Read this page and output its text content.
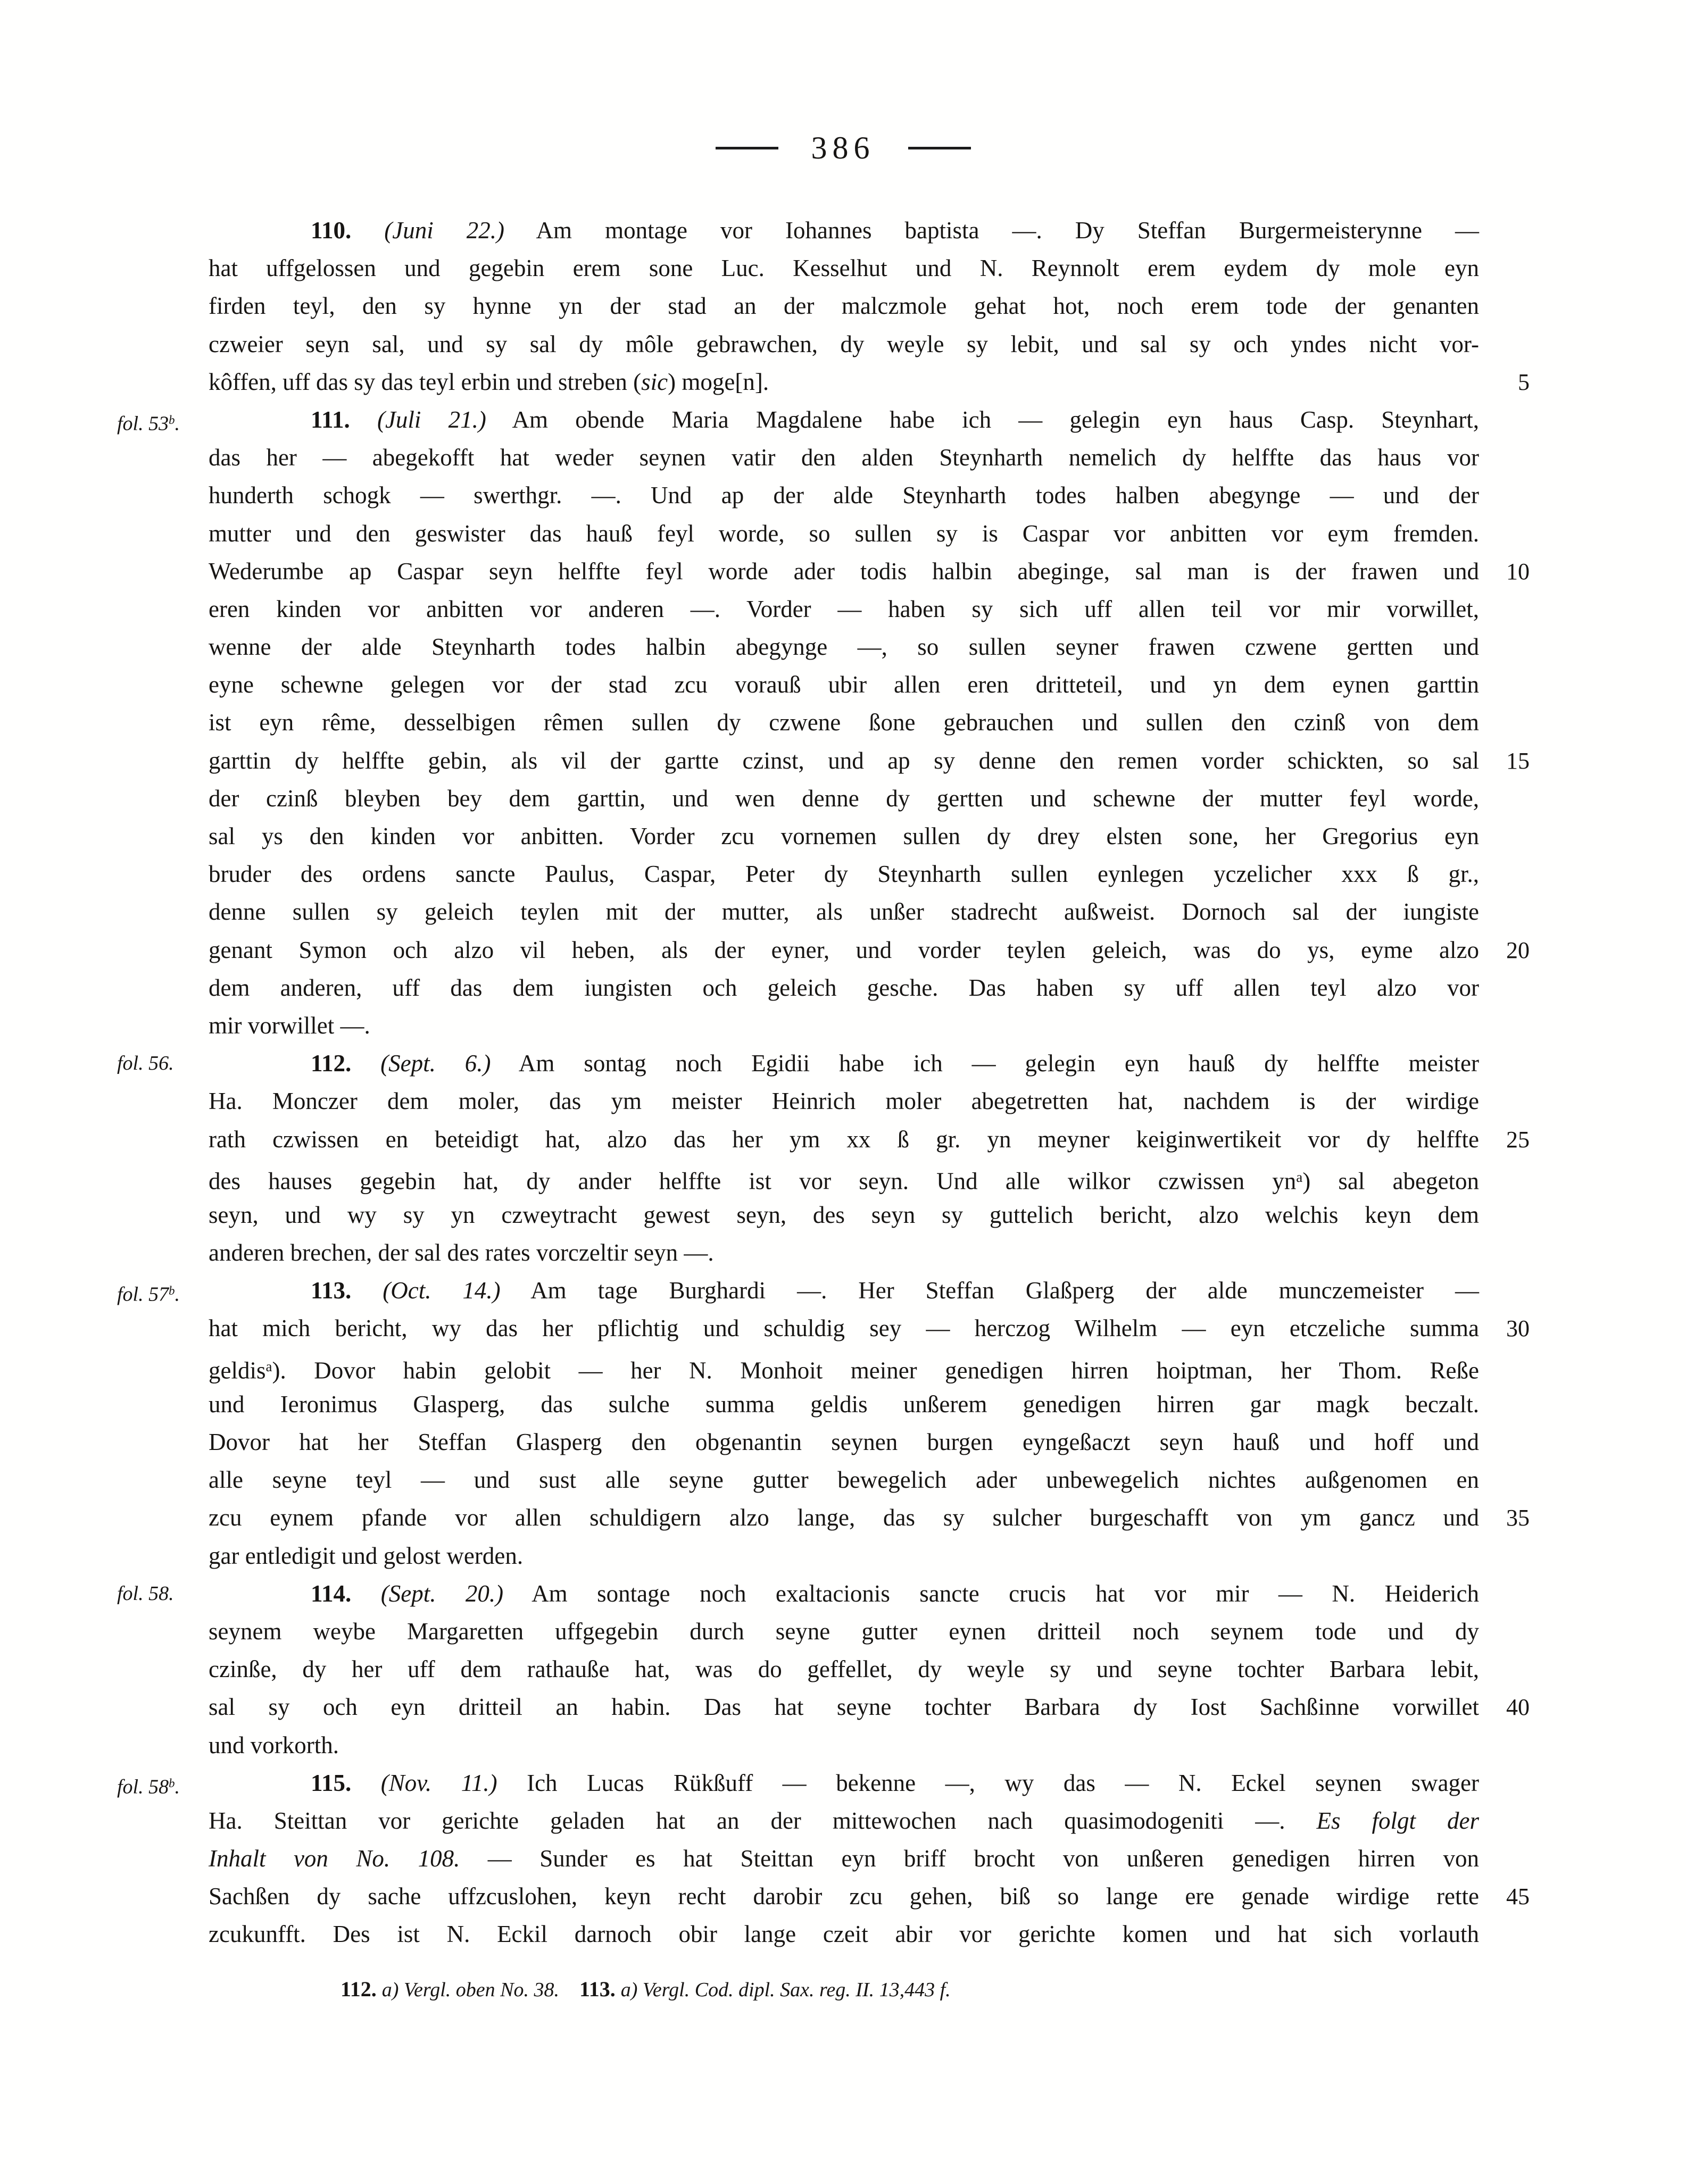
386
110. (Juni 22.) Am montage vor Iohannes baptista —. Dy Steffan Burgermeisterynne —
hat uffgelossen und gegebin erem sone Luc. Kesselhut und N. Reynnolt erem eydem dy mole eyn
firden teyl, den sy hynne yn der stad an der malczmole gehat hot, noch erem tode der genanten
czweier seyn sal, und sy sal dy môle gebrawchen, dy weyle sy lebit, und sal sy och yndes nicht vor-
kôffen, uff das sy das teyl erbin und streben (sic) moge[n].	5
fol. 53$^b$.	111. (Juli 21.) Am obende Maria Magdalene habe ich — gelegin eyn haus Casp. Steynhart,
das her — abegekofft hat weder seynen vatir den alden Steynharth nemelich dy helffte das haus vor
hunderth schogk — swerthgr. —. Und ap der alde Steynharth todes halben abegynge — und der
mutter und den geswister das hauß feyl worde, so sullen sy is Caspar vor anbitten vor eym fremden.
Wederumbe ap Caspar seyn helffte feyl worde ader todis halbin abeginge, sal man is der frawen und 10
eren kinden vor anbitten vor anderen —. Vorder — haben sy sich uff allen teil vor mir vorwillet,
wenne der alde Steynharth todes halbin abegynge —, so sullen seyner frawen czwene gertten und
eyne schewne gelegen vor der stad zcu vorauß ubir allen eren dritteteil, und yn dem eynen garttin
ist eyn rême, desselbigen rêmen sullen dy czwene ßone gebrauchen und sullen den czinß von dem
garttin dy helffte gebin, als vil der gartte czinst, und ap sy denne den remen vorder schickten, so sal 15
der czinß bleyben bey dem garttin, und wen denne dy gertten und schewne der mutter feyl worde,
sal ys den kinden vor anbitten. Vorder zcu vornemen sullen dy drey elsten sone, her Gregorius eyn
bruder des ordens sancte Paulus, Caspar, Peter dy Steynharth sullen eynlegen yczelicher xxx ß gr.,
denne sullen sy geleich teylen mit der mutter, als unßer stadrecht außweist. Dornoch sal der iungiste
genant Symon och alzo vil heben, als der eyner, und vorder teylen geleich, was do ys, eyme alzo 20
dem anderen, uff das dem iungisten och geleich gesche. Das haben sy uff allen teyl alzo vor
mir vorwillet —.
fol. 56.	112. (Sept. 6.) Am sontag noch Egidii habe ich — gelegin eyn hauß dy helffte meister
Ha. Monczer dem moler, das ym meister Heinrich moler abegetretten hat, nachdem is der wirdige
rath czwissen en beteidigt hat, alzo das her ym xx ß gr. yn meyner keiginwertikeit vor dy helffte 25
des hauses gegebin hat, dy ander helffte ist vor seyn. Und alle wilkor czwissen $yn^a$) sal abegeton
seyn, und wy sy yn czweytracht gewest seyn, des seyn sy guttelich bericht, alzo welchis keyn dem
anderen brechen, der sal des rates vorczeltir seyn —.
fol. 57$^b$.	113. (Oct. 14.) Am tage Burghardi —. Her Steffan Glaßperg der alde munczemeister —
hat mich bericht, wy das her pflichtig und schuldig sey — herczog Wilhelm — eyn etczeliche summa 30
geldis$^a$). Dovor habin gelobit — her N. Monhoit meiner genedigen hirren hoiptman, her Thom. Reße
und Ieronimus Glasperg, das sulche summa geldis unßerem genedigen hirren gar magk beczalt.
Dovor hat her Steffan Glasperg den obgenantin seynen burgen eyngeßaczt seyn hauß und hoff und
alle seyne teyl — und sust alle seyne gutter bewegelich ader unbewegelich nichtes außgenomen en
zcu eynem pfande vor allen schuldigern alzo lange, das sy sulcher burgeschafft von ym gancz und 35
gar entledigit und gelost werden.
fol. 58.	114. (Sept. 20.) Am sontage noch exaltacionis sancte crucis hat vor mir — N. Heiderich
seynem weybe Margaretten uffgegebin durch seyne gutter eynen dritteil noch seynem tode und dy
czinße, dy her uff dem rathauße hat, was do geffellet, dy weyle sy und seyne tochter Barbara lebit,
sal sy och eyn dritteil an habin. Das hat seyne tochter Barbara dy Iost Sachßinne vorwillet 40
und vorkorth.
fol. 58$^b$.	115. (Nov. 11.) Ich Lucas Rükßuff — bekenne —, wy das — N. Eckel seynen swager
Ha. Steittan vor gerichte geladen hat an der mittewochen nach quasimodogeniti —. Es folgt der
Inhalt von No. 108. — Sunder es hat Steittan eyn briff brocht von unßeren genedigen hirren von
Sachßen dy sache uffzcuslohen, keyn recht darobir zcu gehen, biß so lange ere genade wirdige rette 45
zcukunfft. Des ist N. Eckil darnoch obir lange czeit abir vor gerichte komen und hat sich vorlauth
112. a) Vergl. oben No. 38.   113. a) Vergl. Cod. dipl. Sax. reg. II. 13,443 f.
